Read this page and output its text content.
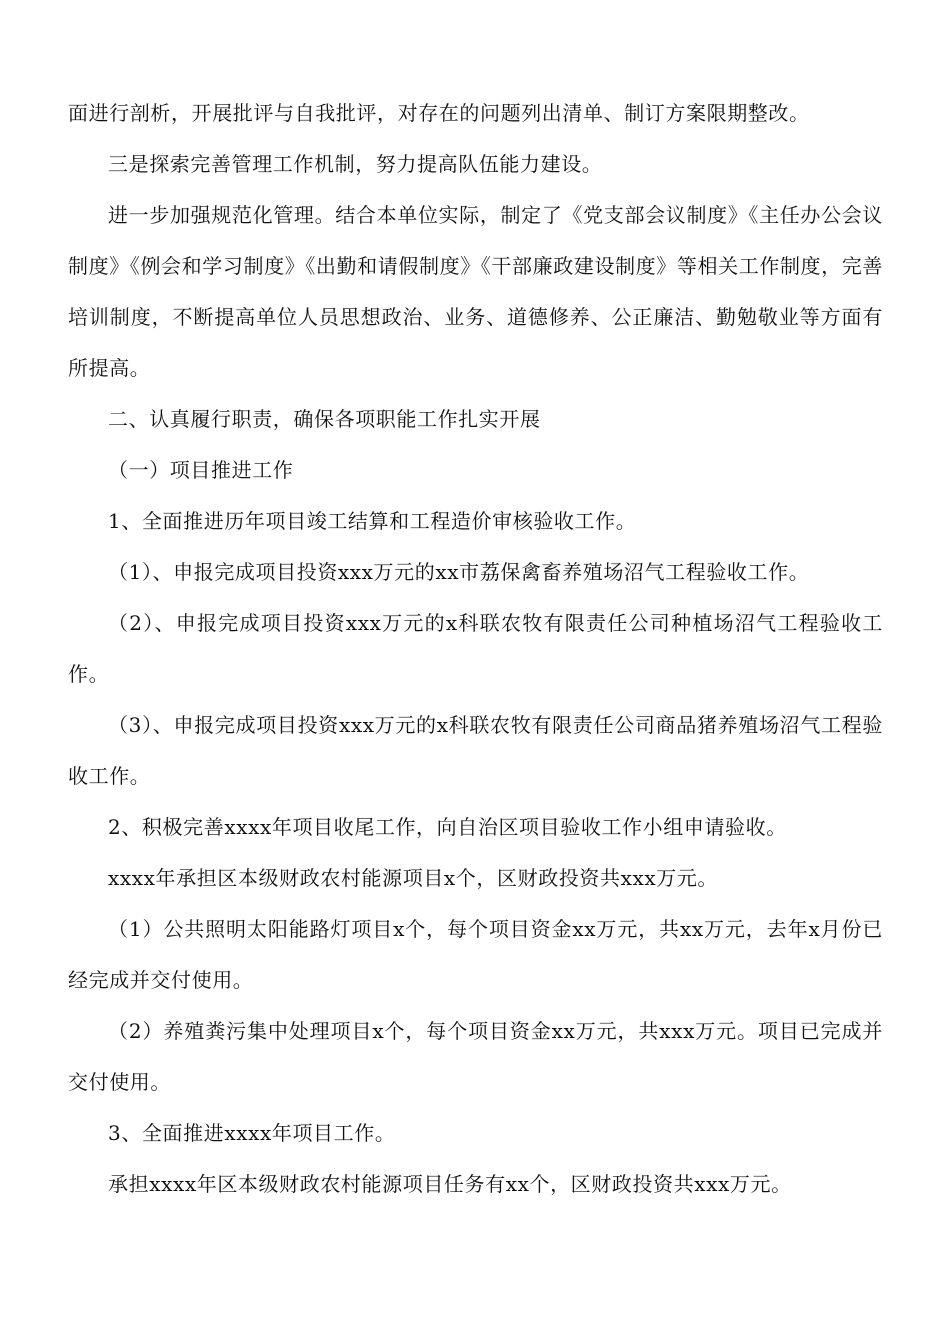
面进行剖析，开展批评与自我批评，对存在的问题列出清单、制订方案限期整改。

三是探索完善管理工作机制，努力提高队伍能力建设。

进一步加强规范化管理。结合本单位实际，制定了《党支部会议制度》《主任办公会议制度》《例会和学习制度》《出勤和请假制度》《干部廉政建设制度》等相关工作制度，完善培训制度，不断提高单位人员思想政治、业务、道德修养、公正廉洁、勤勉敬业等方面有所提高。

二、认真履行职责，确保各项职能工作扎实开展

（一）项目推进工作

1、全面推进历年项目竣工结算和工程造价审核验收工作。

（1）、申报完成项目投资xxx万元的xx市荔保禽畜养殖场沼气工程验收工作。

（2）、申报完成项目投资xxx万元的x科联农牧有限责任公司种植场沼气工程验收工作。

（3）、申报完成项目投资xxx万元的x科联农牧有限责任公司商品猪养殖场沼气工程验收工作。

2、积极完善xxxx年项目收尾工作，向自治区项目验收工作小组申请验收。

xxxx年承担区本级财政农村能源项目x个，区财政投资共xxx万元。

（1）公共照明太阳能路灯项目x个，每个项目资金xx万元，共xx万元，去年x月份已经完成并交付使用。

（2）养殖粪污集中处理项目x个，每个项目资金xx万元，共xxx万元。项目已完成并交付使用。

3、全面推进xxxx年项目工作。

承担xxxx年区本级财政农村能源项目任务有xx个，区财政投资共xxx万元。
